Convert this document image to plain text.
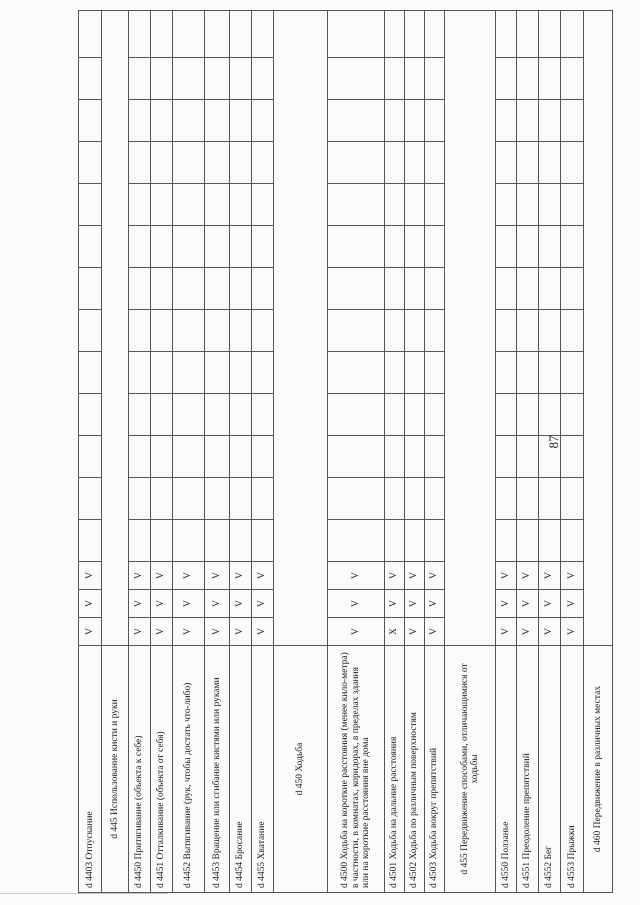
87
d 4403 Отпускание	V	V	V													
d 445 Использование кисти и руки																
d 4450 Притягивание (объекта к себе)	V	V	V													
d 4451 Отталкивание (объекта от себя)	V	V	V													
d 4452 Вытягивание (рук, чтобы достать что-либо)	V	V	V													
d 4453 Вращение или сгибание кистями или руками	V	V	V													
d 4454 Бросание	V	V	V													
d 4455 Хватание	V	V	V													
d 450 Ходьба																
d 4500 Ходьба на короткие расстояния (менее кило-метра) в частности, в комнатах, коридорах, в пределах здания или на короткие расстояния вне дома	V	V	V													
d 4501 Ходьба на дальние расстояния	X	V	V													
d 4502 Ходьба по различным поверхностям	V	V	V													
d 4503 Ходьба вокруг препятствий	V	V	V													
d 455 Передвижение способами, отличающимися от ходьбы																
d 4550 Ползанье	V	V	V													
d 4551 Преодоление препятствий	V	V	V													
d 4552 Бег	V	V	V													
d 4553 Прыжки	V	V	V													
d 460 Передвижение в различных местах																
